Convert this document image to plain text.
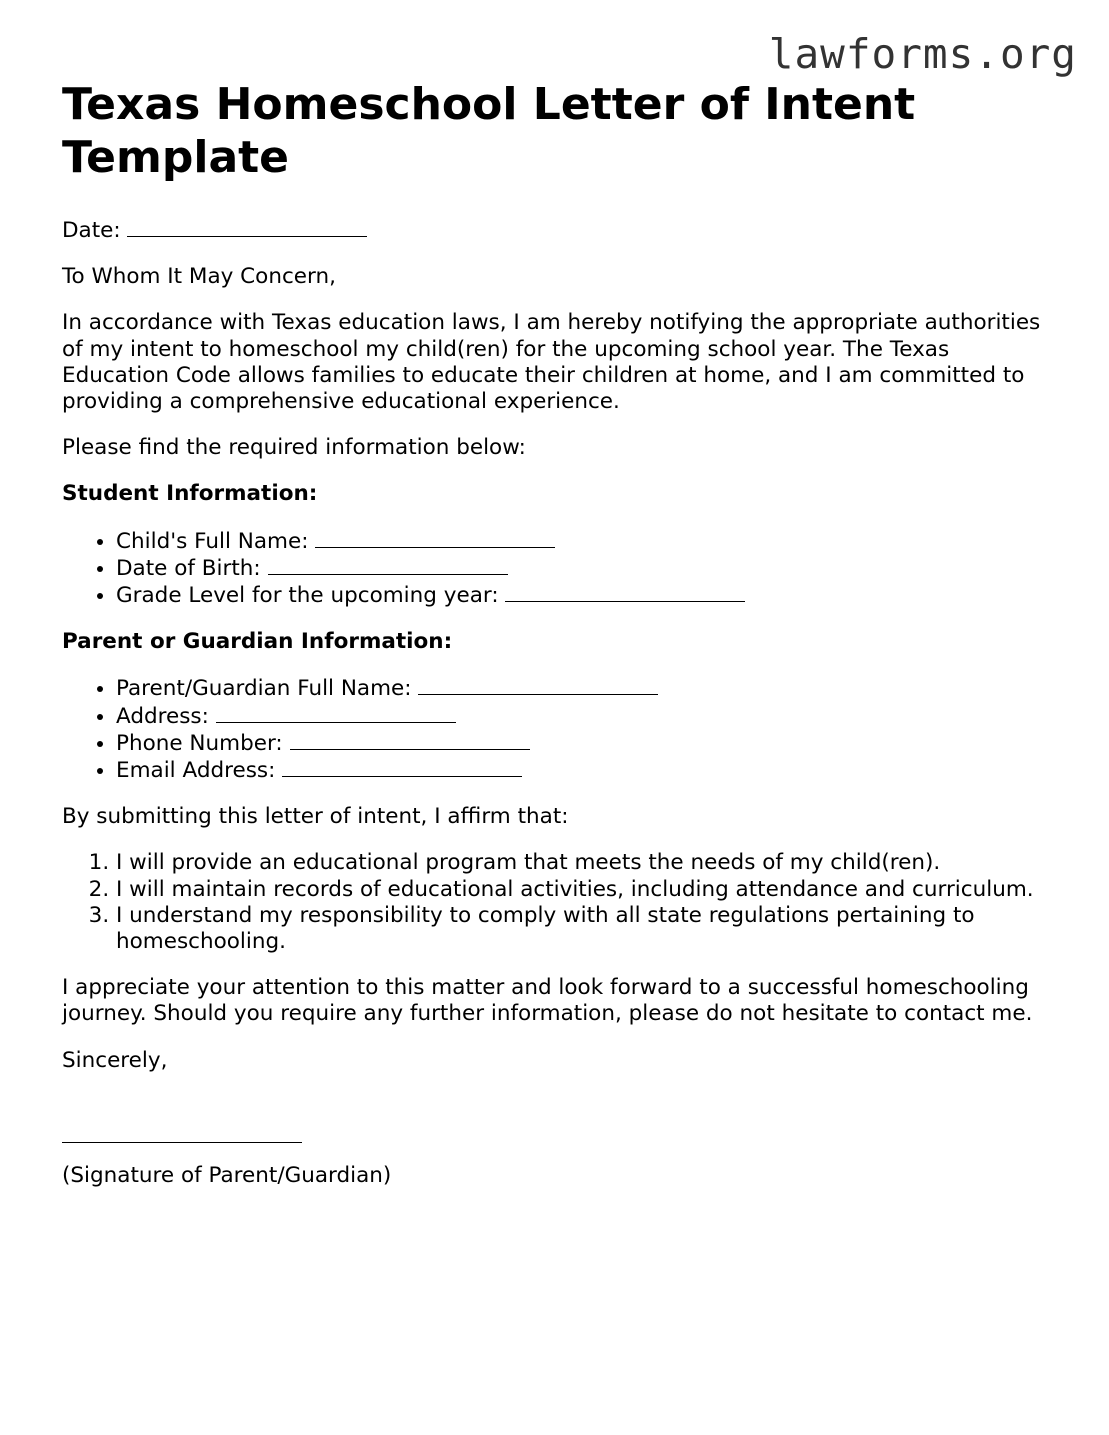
lawforms.org
Texas Homeschool Letter of Intent Template

Date:

To Whom It May Concern,

In accordance with Texas education laws, I am hereby notifying the appropriate authorities of my intent to homeschool my child(ren) for the upcoming school year. The Texas Education Code allows families to educate their children at home, and I am committed to providing a comprehensive educational experience.

Please find the required information below:

Student Information:

• Child's Full Name:
• Date of Birth:
• Grade Level for the upcoming year:

Parent or Guardian Information:

• Parent/Guardian Full Name:
• Address:
• Phone Number:
• Email Address:

By submitting this letter of intent, I affirm that:

1. I will provide an educational program that meets the needs of my child(ren).
2. I will maintain records of educational activities, including attendance and curriculum.
3. I understand my responsibility to comply with all state regulations pertaining to homeschooling.

I appreciate your attention to this matter and look forward to a successful homeschooling journey. Should you require any further information, please do not hesitate to contact me.

Sincerely,

(Signature of Parent/Guardian)
